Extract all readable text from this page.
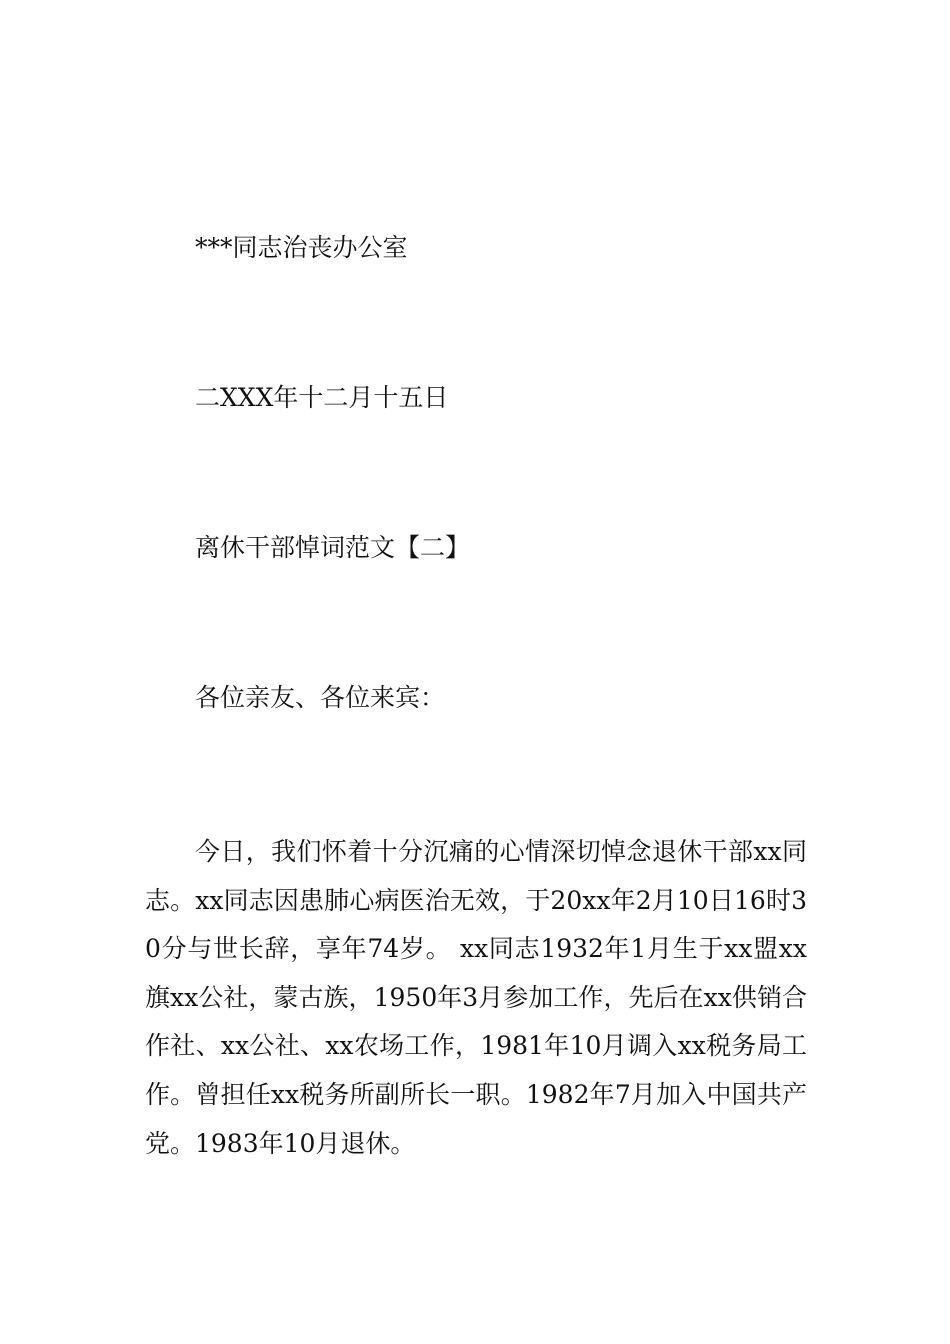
***同志治丧办公室
二XXX年十二月十五日
离休干部悼词范文【二】
各位亲友、各位来宾：
今日，我们怀着十分沉痛的心情深切悼念退休干部xx同志。xx同志因患肺心病医治无效，于20xx年2月10日16时30分与世长辞，享年74岁。 xx同志1932年1月生于xx盟xx旗xx公社，蒙古族，1950年3月参加工作，先后在xx供销合作社、xx公社、xx农场工作，1981年10月调入xx税务局工作。曾担任xx税务所副所长一职。1982年7月加入中国共产党。1983年10月退休。
